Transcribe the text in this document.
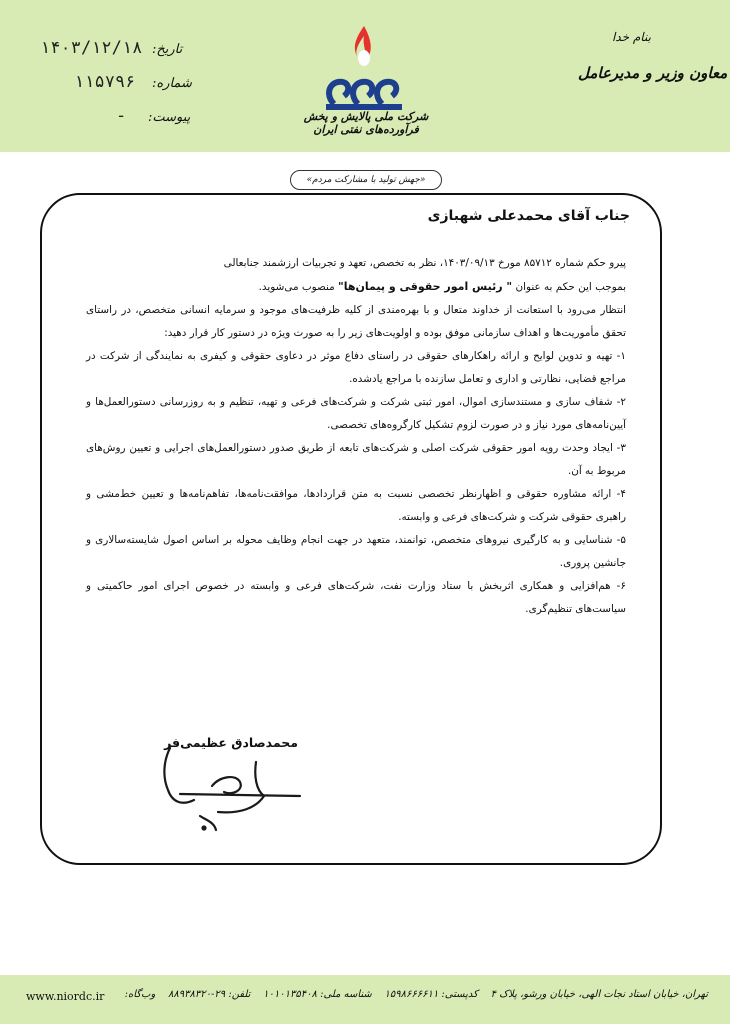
بنام خدا
معاون وزیر و مدیرعامل
تاریخ:
۱۴۰۳/۱۲/۱۸
شماره:
۱۱۵۷۹۶
پیوست:
-	شرکت ملی پالایش و پخش فرآورده‌های نفتی ایران
«جهش تولید با مشارکت مردم»
جناب آقای محمدعلی شهبازی

پیرو حکم شماره ۸۵۷۱۲ مورخ ۱۴۰۳/۰۹/۱۳، نظر به تخصص، تعهد و تجربیات ارزشمند جنابعالی

بموجب این حکم به عنوان " رئیس امور حقوقی و پیمان‌ها" منصوب می‌شوید.

انتظار می‌رود با استعانت از خداوند متعال و با بهره‌مندی از کلیه ظرفیت‌های موجود و سرمایه انسانی متخصص، در راستای تحقق مأموریت‌ها و اهداف سازمانی موفق بوده و اولویت‌های زیر را به صورت ویژه در دستور کار قرار دهید:

۱- تهیه و تدوین لوایح و ارائه راهکارهای حقوقی در راستای دفاع موثر در دعاوی حقوقی و کیفری به نمایندگی از شرکت در مراجع قضایی، نظارتی و اداری و تعامل سازنده با مراجع یادشده.

۲- شفاف سازی و مستندسازی اموال، امور ثبتی شرکت و شرکت‌های فرعی و تهیه، تنظیم و به روزرسانی دستورالعمل‌ها و آیین‌نامه‌های مورد نیاز و در صورت لزوم تشکیل کارگروه‌های تخصصی.

۳- ایجاد وحدت رویه امور حقوقی شرکت اصلی و شرکت‌های تابعه از طریق صدور دستورالعمل‌های اجرایی و تعیین روش‌های مربوط به آن.

۴- ارائه مشاوره حقوقی و اظهارنظر تخصصی نسبت به متن قراردادها، موافقت‌نامه‌ها، تفاهم‌نامه‌ها و تعیین خط‌مشی و راهبری حقوقی شرکت و شرکت‌های فرعی و وابسته.

۵- شناسایی و به کارگیری نیروهای متخصص، توانمند، متعهد در جهت انجام وظایف محوله بر اساس اصول شایسته‌سالاری و جانشین پروری.

۶- هم‌افزایی و همکاری اثربخش با ستاد وزارت نفت، شرکت‌های فرعی و وابسته در خصوص اجرای امور حاکمیتی و سیاست‌های تنظیم‌گری.

محمدصادق عظیمی‌فر
تهران، خیابان استاد نجات الهی، خیابان ورشو، پلاک ۴    کدپستی: ۱۵۹۸۶۶۶۶۱۱    شناسه ملی: ۱۰۱۰۱۳۵۴۰۸    تلفن: ۲۹-۸۸۹۳۸۳۲۰    وب‌گاه:
www.niordc.ir
